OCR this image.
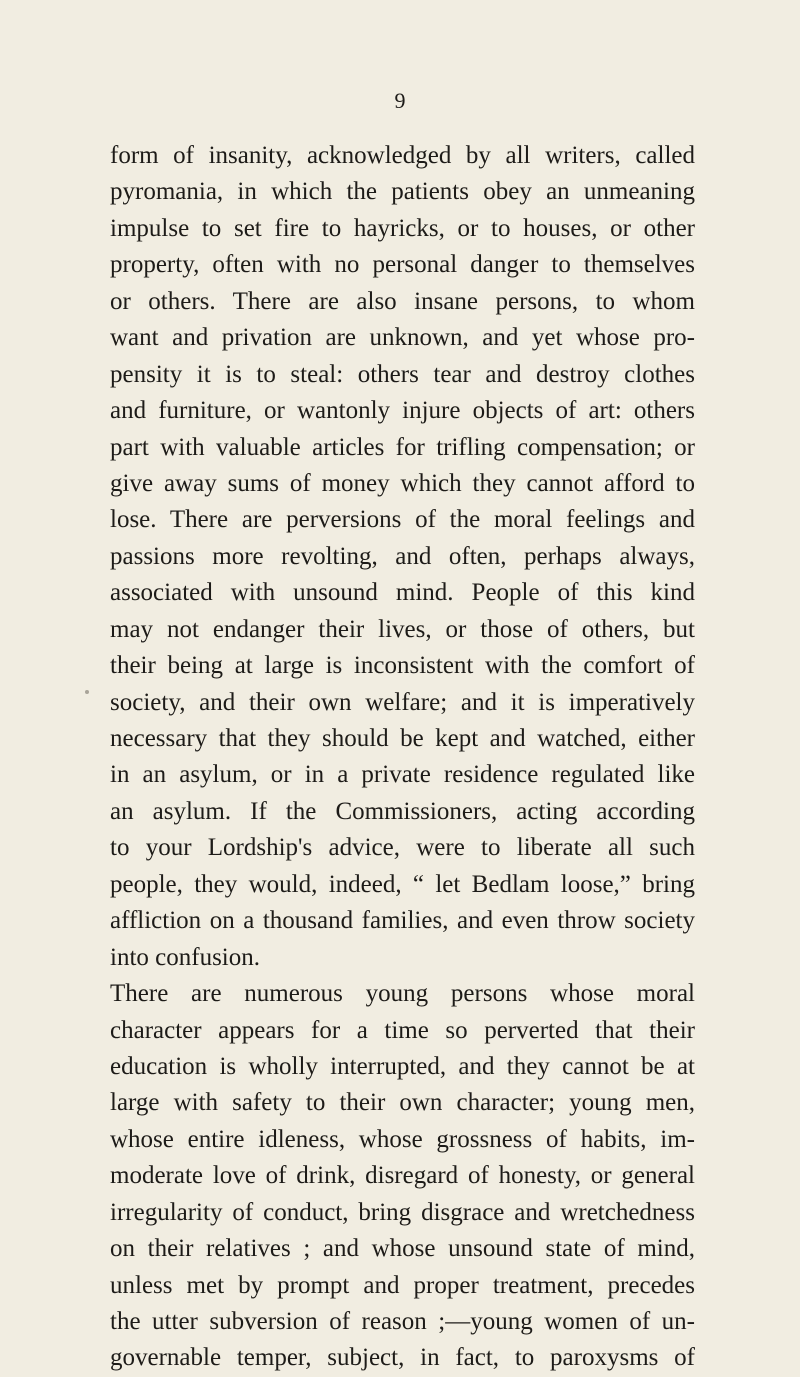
9
form of insanity, acknowledged by all writers, called
pyromania, in which the patients obey an unmeaning
impulse to set fire to hayricks, or to houses, or other
property, often with no personal danger to themselves
or others. There are also insane persons, to whom
want and privation are unknown, and yet whose pro-
pensity it is to steal: others tear and destroy clothes
and furniture, or wantonly injure objects of art: others
part with valuable articles for trifling compensation; or
give away sums of money which they cannot afford to
lose. There are perversions of the moral feelings and
passions more revolting, and often, perhaps always,
associated with unsound mind. People of this kind
may not endanger their lives, or those of others, but
their being at large is inconsistent with the comfort of
society, and their own welfare; and it is imperatively
necessary that they should be kept and watched, either
in an asylum, or in a private residence regulated like
an asylum. If the Commissioners, acting according
to your Lordship's advice, were to liberate all such
people, they would, indeed, “ let Bedlam loose,” bring
affliction on a thousand families, and even throw society
into confusion.
There are numerous young persons whose moral
character appears for a time so perverted that their
education is wholly interrupted, and they cannot be at
large with safety to their own character; young men,
whose entire idleness, whose grossness of habits, im-
moderate love of drink, disregard of honesty, or general
irregularity of conduct, bring disgrace and wretchedness
on their relatives ; and whose unsound state of mind,
unless met by prompt and proper treatment, precedes
the utter subversion of reason ;—young women of un-
governable temper, subject, in fact, to paroxysms of
